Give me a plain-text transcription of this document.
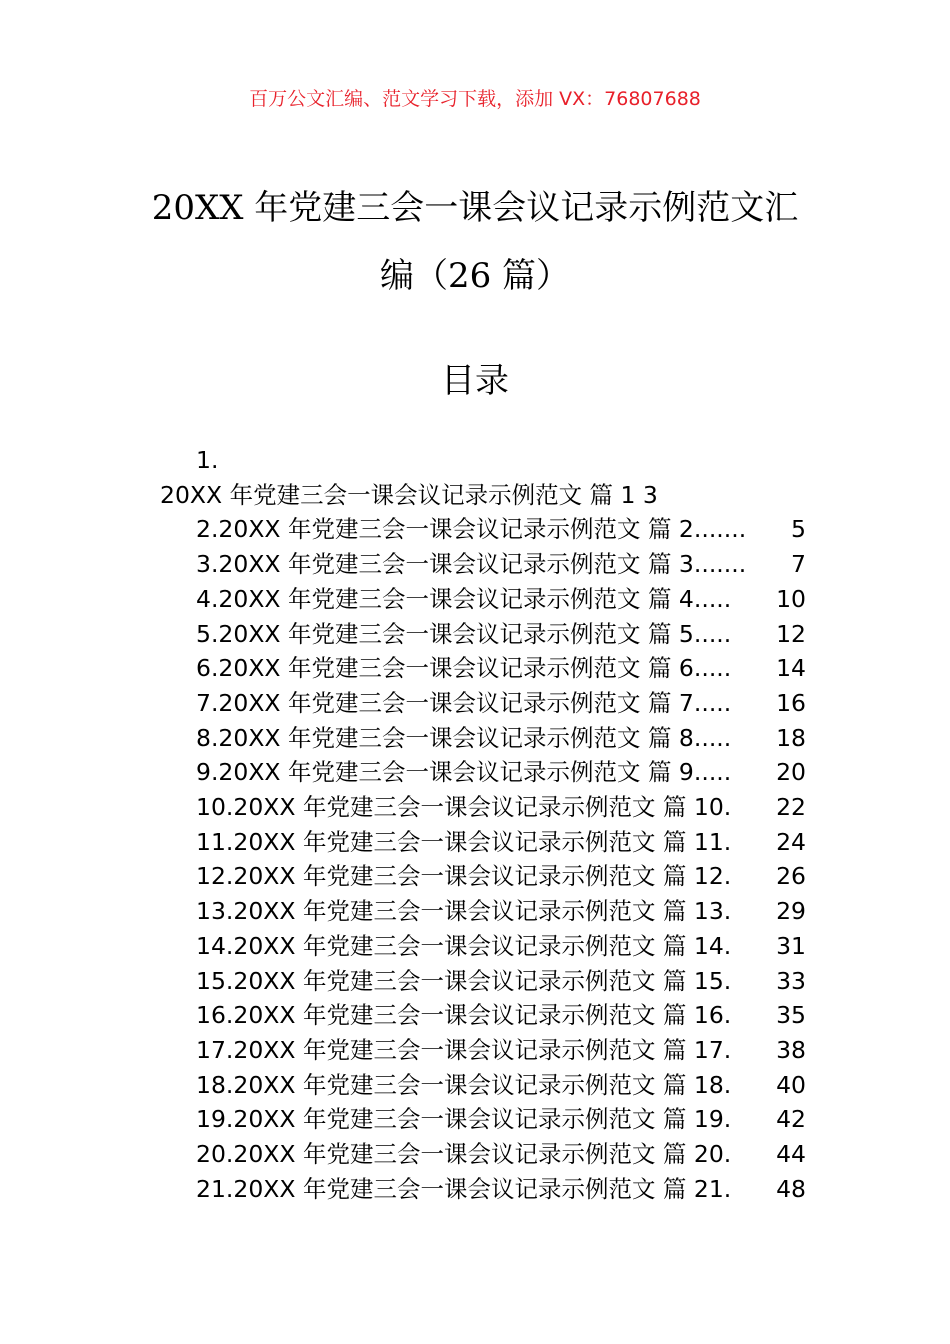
百万公文汇编、范文学习下载，添加 VX：76807688
20XX 年党建三会一课会议记录示例范文汇
编（26 篇）
目录
1.
20XX 年党建三会一课会议记录示例范文 篇 1 3
2.20XX 年党建三会一课会议记录示例范文 篇 2 .......	5
3.20XX 年党建三会一课会议记录示例范文 篇 3 .......	7
4.20XX 年党建三会一课会议记录示例范文 篇 4 .....	10
5.20XX 年党建三会一课会议记录示例范文 篇 5 .....	12
6.20XX 年党建三会一课会议记录示例范文 篇 6 .....	14
7.20XX 年党建三会一课会议记录示例范文 篇 7 .....	16
8.20XX 年党建三会一课会议记录示例范文 篇 8 .....	18
9.20XX 年党建三会一课会议记录示例范文 篇 9 .....	20
10.20XX 年党建三会一课会议记录示例范文 篇 10. 22
11.20XX 年党建三会一课会议记录示例范文 篇 11. 24
12.20XX 年党建三会一课会议记录示例范文 篇 12. 26
13.20XX 年党建三会一课会议记录示例范文 篇 13. 29
14.20XX 年党建三会一课会议记录示例范文 篇 14. 31
15.20XX 年党建三会一课会议记录示例范文 篇 15. 33
16.20XX 年党建三会一课会议记录示例范文 篇 16. 35
17.20XX 年党建三会一课会议记录示例范文 篇 17. 38
18.20XX 年党建三会一课会议记录示例范文 篇 18. 40
19.20XX 年党建三会一课会议记录示例范文 篇 19. 42
20.20XX 年党建三会一课会议记录示例范文 篇 20. 44
21.20XX 年党建三会一课会议记录示例范文 篇 21. 48
